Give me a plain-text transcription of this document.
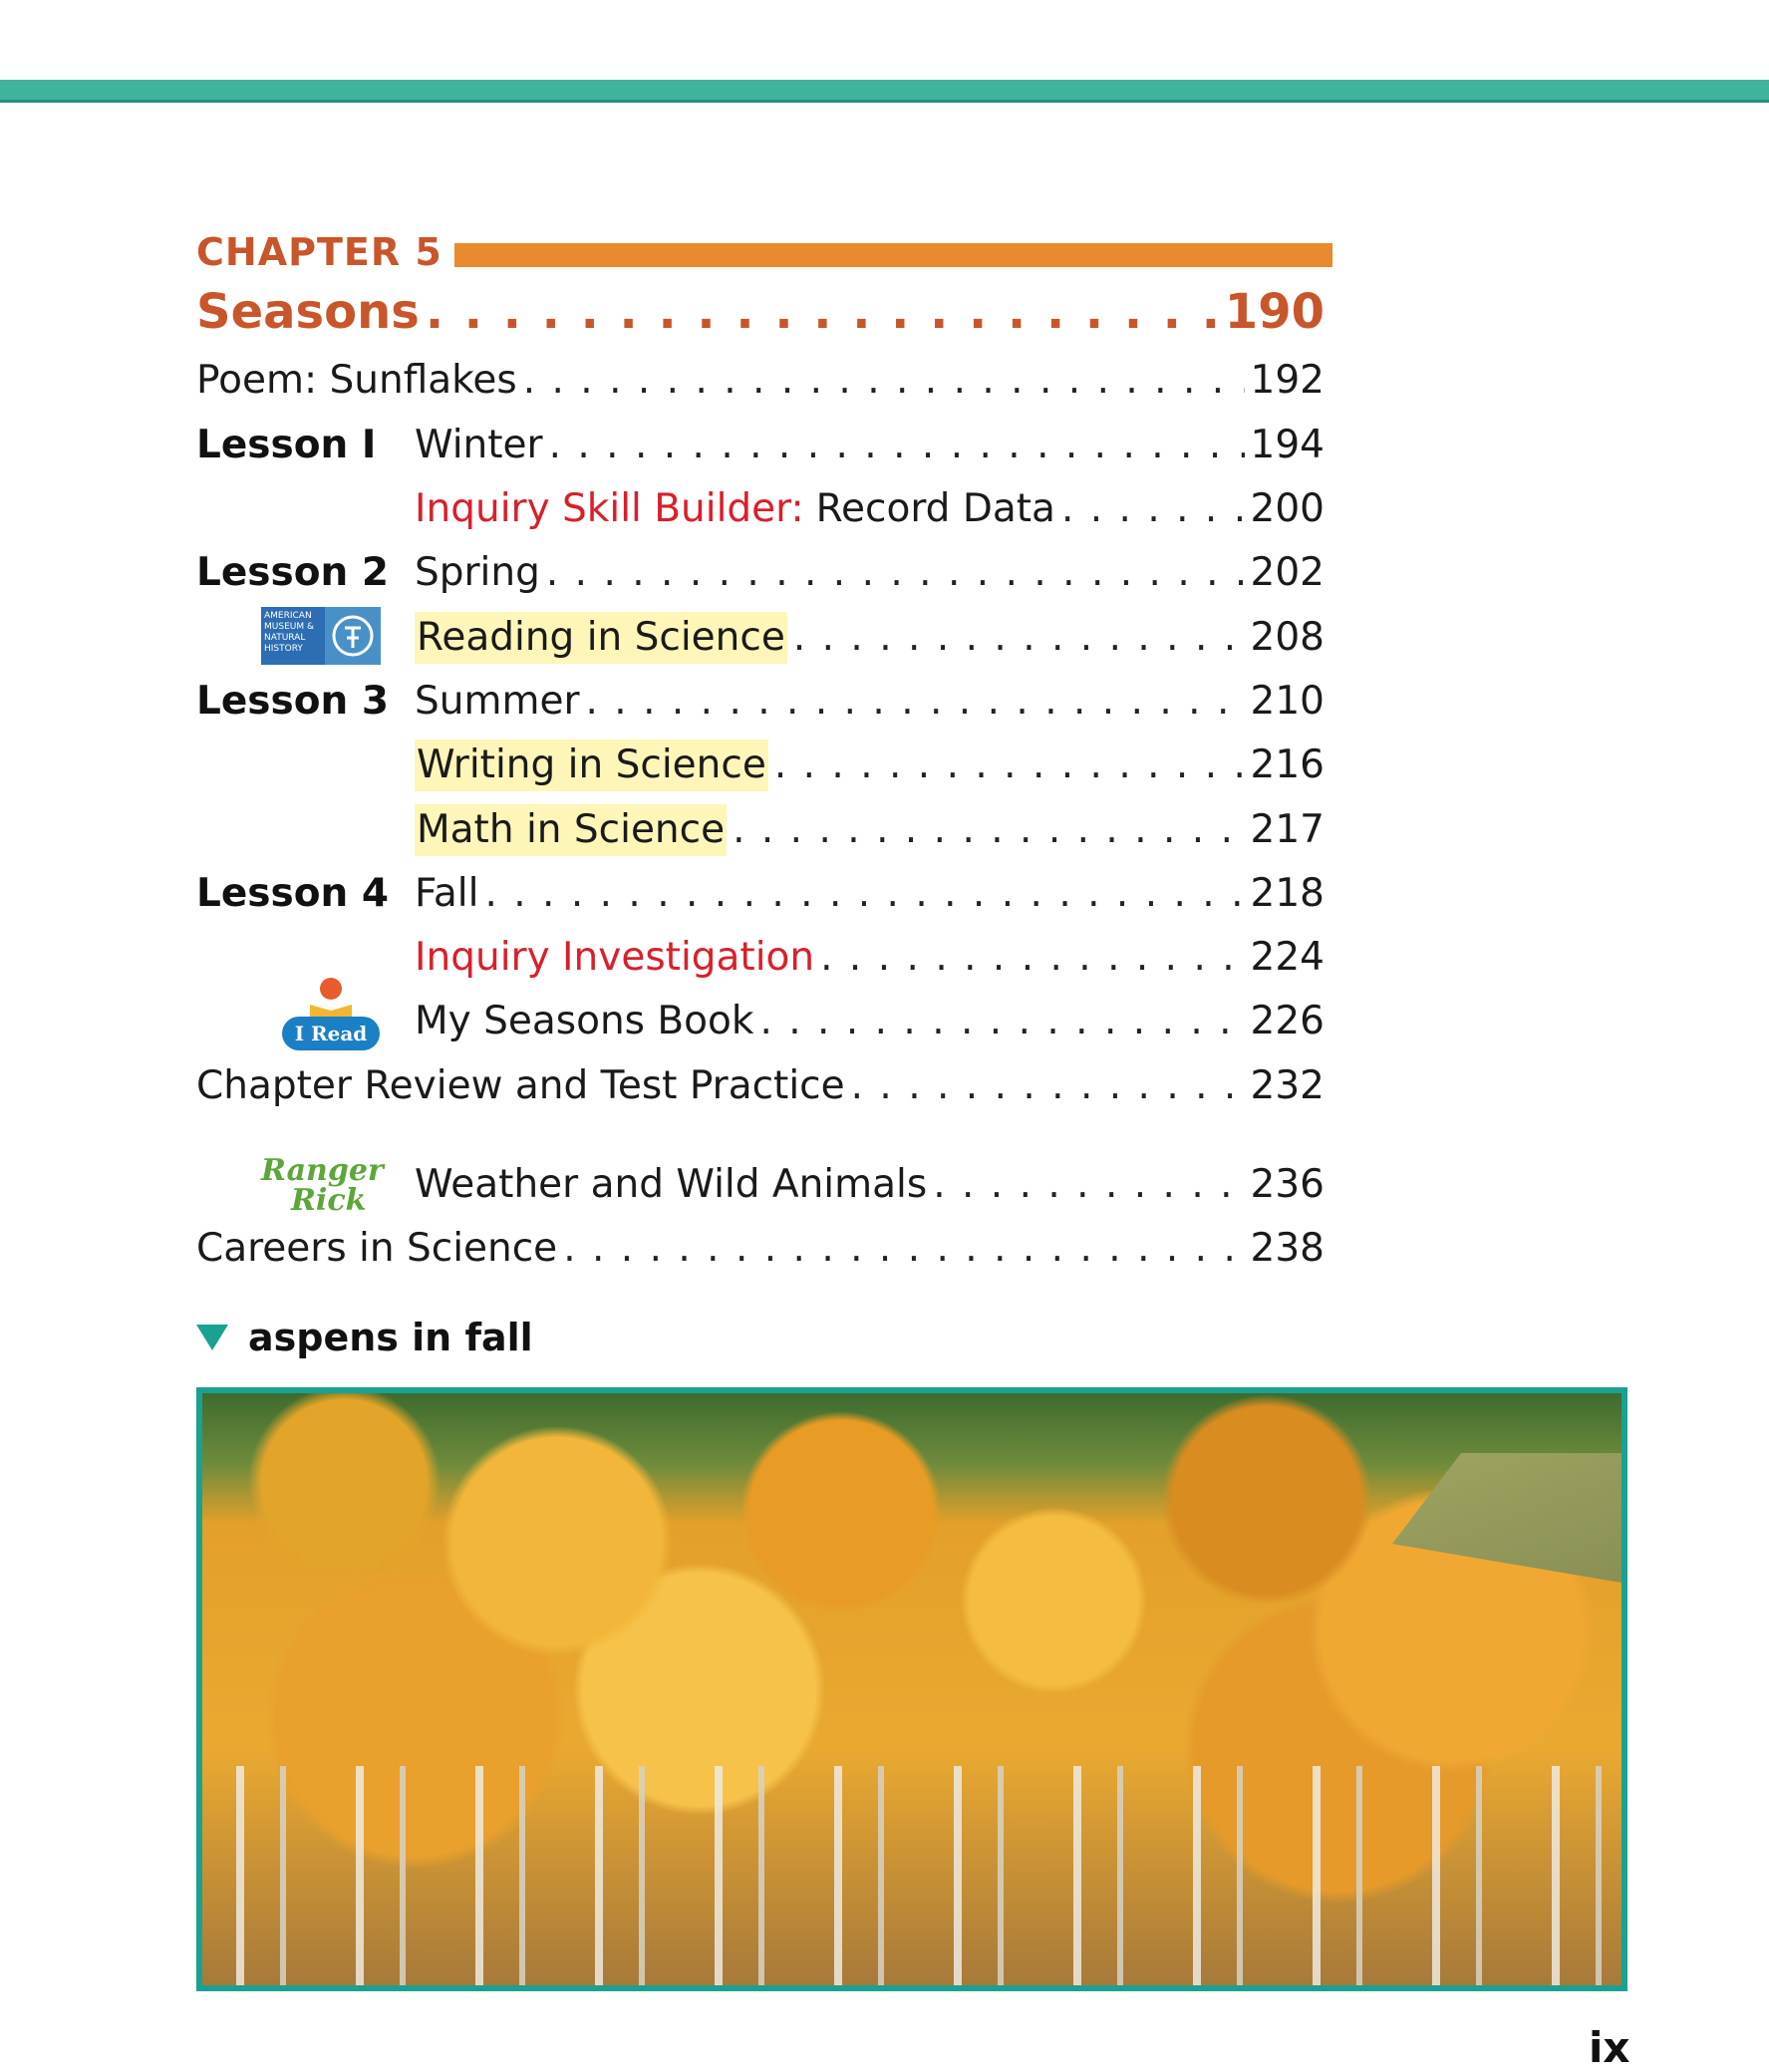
CHAPTER 5
Seasons . . .	190
Poem: Sunflakes . . .	192
Lesson I Winter . . .	194
Inquiry Skill Builder: Record Data . . .	200
Lesson 2 Spring . . .	202
AMERICAN MUSEUM & NATURAL HISTORY	Reading in Science . . .	208
Lesson 3 Summer . . .	210
Writing in Science . . .	216
Math in Science . . .	217
Lesson 4 Fall . . .	218
Inquiry Investigation . . .	224
I Read	My Seasons Book . . .	226
Chapter Review and Test Practice . . .	232
Ranger
Rick	Weather and Wild Animals . . .	236
Careers in Science . . .	238
aspens in fall
ix
